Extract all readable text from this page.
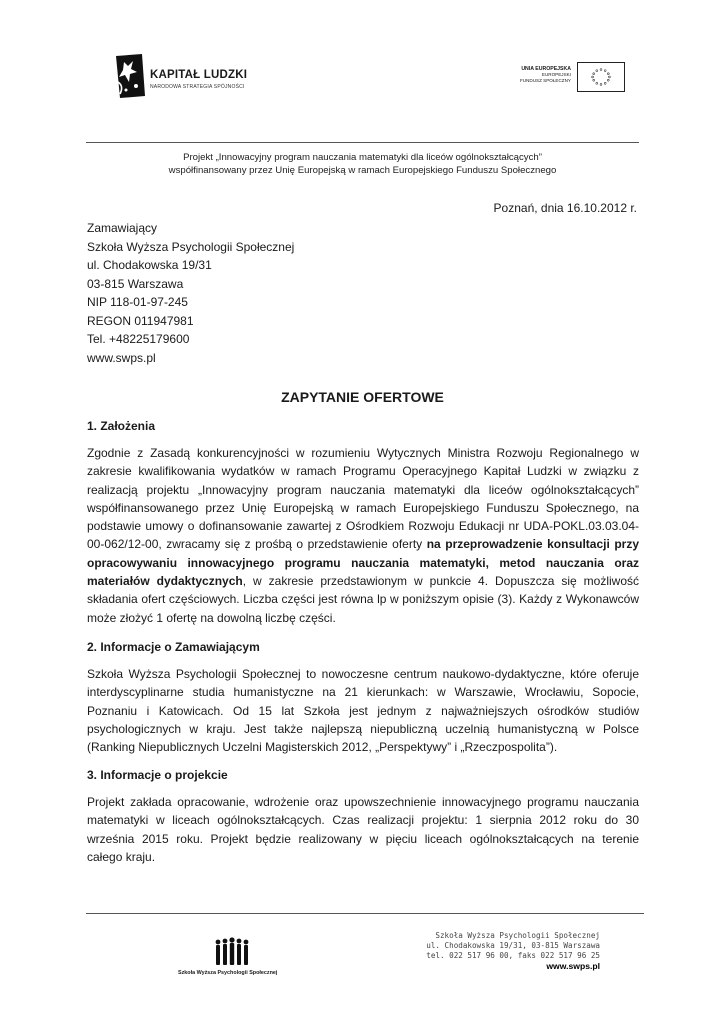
KAPITAŁ LUDZKI
NARODOWA STRATEGIA SPÓJNOŚCI
UNIA EUROPEJSKA
EUROPEJSKI
FUNDUSZ SPOŁECZNY
Projekt „Innowacyjny program nauczania matematyki dla liceów ogólnokształcących”
współfinansowany przez Unię Europejską w ramach Europejskiego Funduszu Społecznego
Poznań, dnia 16.10.2012 r.
Zamawiający
Szkoła Wyższa Psychologii Społecznej
ul. Chodakowska 19/31
03-815 Warszawa
NIP 118-01-97-245
REGON 011947981
Tel. +48225179600
www.swps.pl
ZAPYTANIE OFERTOWE
1. Założenia
Zgodnie z Zasadą konkurencyjności w rozumieniu Wytycznych Ministra Rozwoju Regionalnego w
zakresie kwalifikowania wydatków w ramach Programu Operacyjnego Kapitał Ludzki w związku z
realizacją projektu „Innowacyjny program nauczania matematyki dla liceów ogólnokształcących”
współfinansowanego przez Unię Europejską w ramach Europejskiego Funduszu Społecznego, na
podstawie umowy o dofinansowanie zawartej z Ośrodkiem Rozwoju Edukacji nr UDA-POKL.03.03.04-
00-062/12-00, zwracamy się z prośbą o przedstawienie oferty na przeprowadzenie konsultacji przy
opracowywaniu innowacyjnego programu nauczania matematyki, metod nauczania oraz
materiałów dydaktycznych, w zakresie przedstawionym w punkcie 4. Dopuszcza się możliwość
składania ofert częściowych. Liczba części jest równa lp w poniższym opisie (3). Każdy z Wykonawców
może złożyć 1 ofertę na dowolną liczbę części.
2. Informacje o Zamawiającym
Szkoła Wyższa Psychologii Społecznej to nowoczesne centrum naukowo-dydaktyczne, które oferuje
interdyscyplinarne studia humanistyczne na 21 kierunkach: w Warszawie, Wrocławiu, Sopocie,
Poznaniu i Katowicach. Od 15 lat Szkoła jest jednym z najważniejszych ośrodków studiów
psychologicznych w kraju. Jest także najlepszą niepubliczną uczelnią humanistyczną w Polsce
(Ranking Niepublicznych Uczelni Magisterskich 2012, „Perspektywy” i „Rzeczpospolita”).
3. Informacje o projekcie
Projekt zakłada opracowanie, wdrożenie oraz upowszechnienie innowacyjnego programu nauczania
matematyki w liceach ogólnokształcących. Czas realizacji projektu: 1 sierpnia 2012 roku do 30
września 2015 roku. Projekt będzie realizowany w pięciu liceach ogólnokształcących na terenie
całego kraju.
Szkoła Wyższa Psychologii Społecznej
Szkoła Wyższa Psychologii Społecznej
ul. Chodakowska 19/31, 03-815 Warszawa
tel. 022 517 96 00, faks 022 517 96 25
www.swps.pl
